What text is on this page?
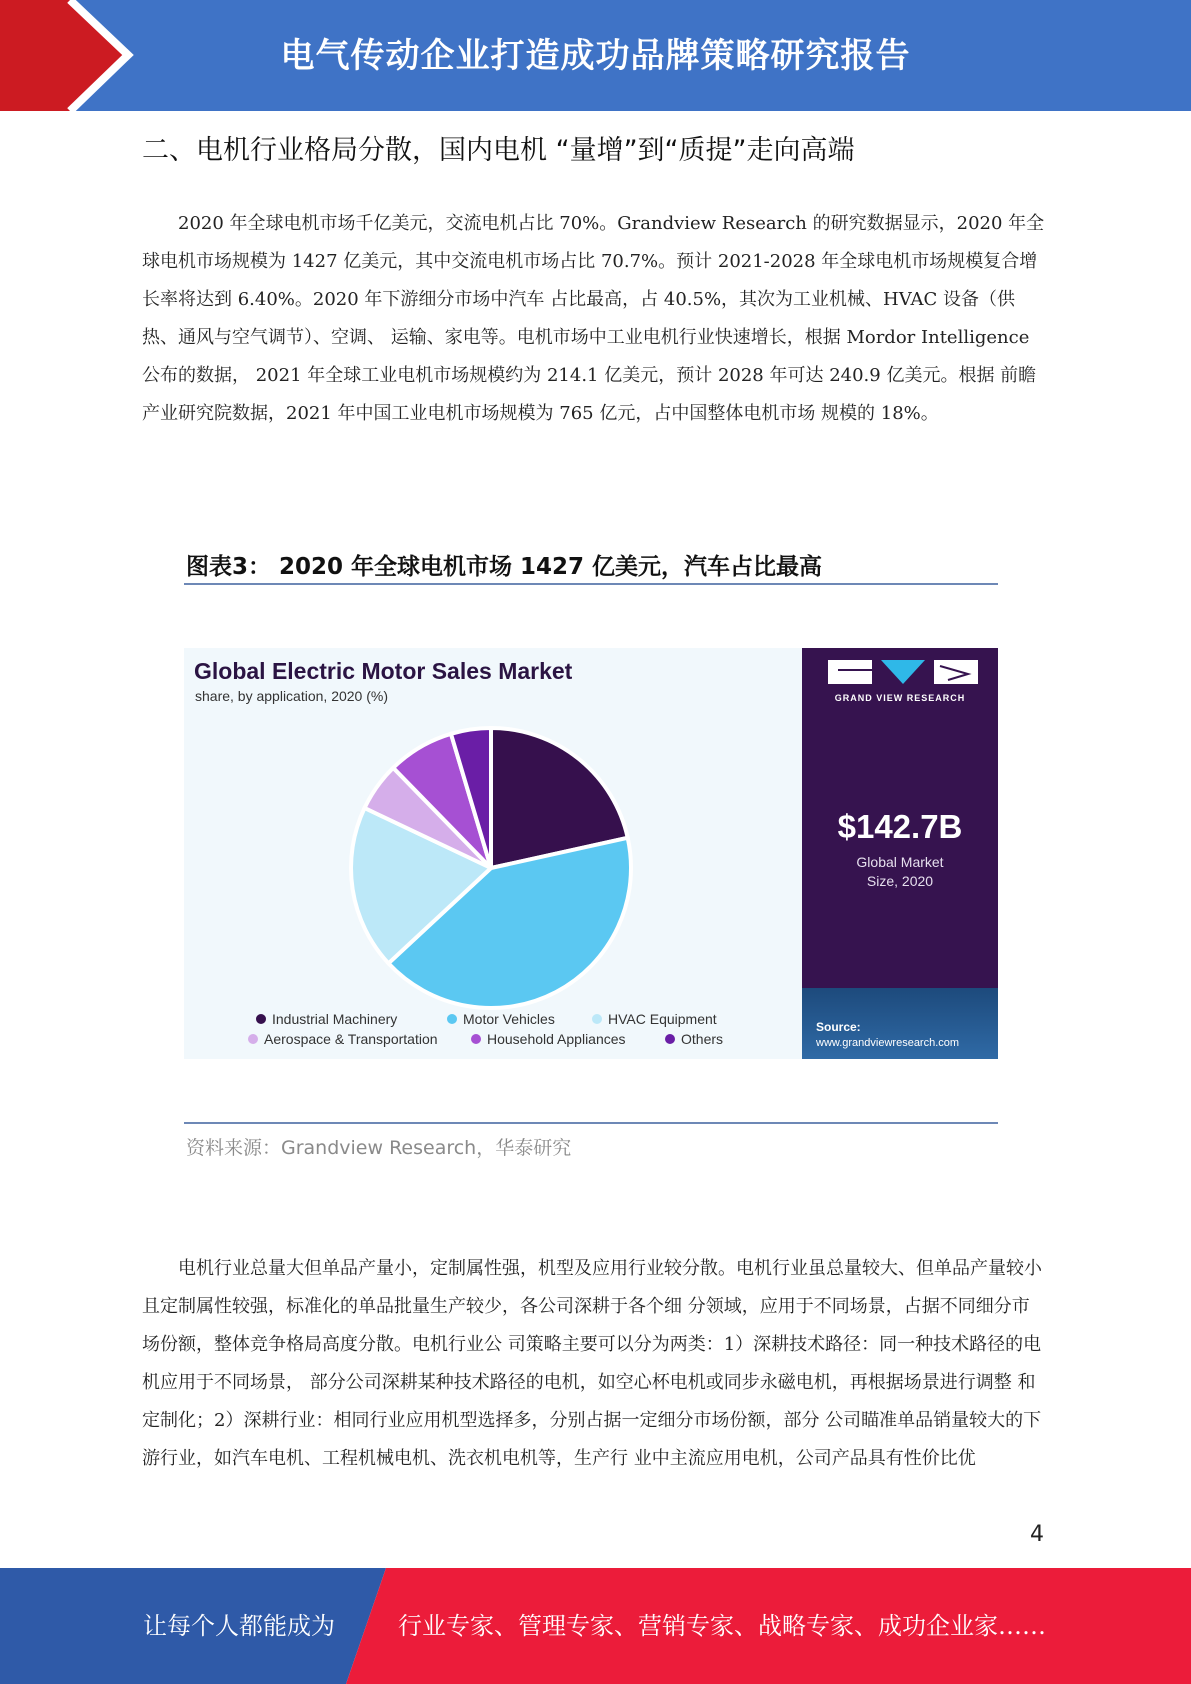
电气传动企业打造成功品牌策略研究报告
二、电机行业格局分散，国内电机 “量增”到“质提”走向高端

2020 年全球电机市场千亿美元，交流电机占比 70%。Grandview Research 的研究数据显示，2020 年全球电机市场规模为 1427 亿美元，其中交流电机市场占比 70.7%。预计 2021-2028 年全球电机市场规模复合增长率将达到 6.40%。2020 年下游细分市场中汽车 占比最高，占 40.5%，其次为工业机械、HVAC 设备（供热、通风与空气调节）、空调、 运输、家电等。电机市场中工业电机行业快速增长，根据 Mordor Intelligence 公布的数据， 2021 年全球工业电机市场规模约为 214.1 亿美元，预计 2028 年可达 240.9 亿美元。根据 前瞻产业研究院数据，2021 年中国工业电机市场规模为 765 亿元，占中国整体电机市场 规模的 18%。

图表3： 2020 年全球电机市场 1427 亿美元，汽车占比最高
Global Electric Motor Sales Market
share, by application, 2020 (%)
Industrial Machinery	Motor Vehicles	HVAC Equipment
Aerospace & Transportation	Household Appliances	Others
GRAND VIEW RESEARCH
$142.7B
Global Market Size, 2020
Source:
www.grandviewresearch.com
资料来源：Grandview Research，华泰研究

电机行业总量大但单品产量小，定制属性强，机型及应用行业较分散。电机行业虽总量较大、但单品产量较小且定制属性较强，标准化的单品批量生产较少，各公司深耕于各个细 分领域，应用于不同场景，占据不同细分市场份额，整体竞争格局高度分散。电机行业公 司策略主要可以分为两类：1）深耕技术路径：同一种技术路径的电机应用于不同场景， 部分公司深耕某种技术路径的电机，如空心杯电机或同步永磁电机，再根据场景进行调整 和定制化；2）深耕行业：相同行业应用机型选择多，分别占据一定细分市场份额，部分 公司瞄准单品销量较大的下游行业，如汽车电机、工程机械电机、洗衣机电机等，生产行 业中主流应用电机，公司产品具有性价比优

4
让每个人都能成为	行业专家、管理专家、营销专家、战略专家、成功企业家……
